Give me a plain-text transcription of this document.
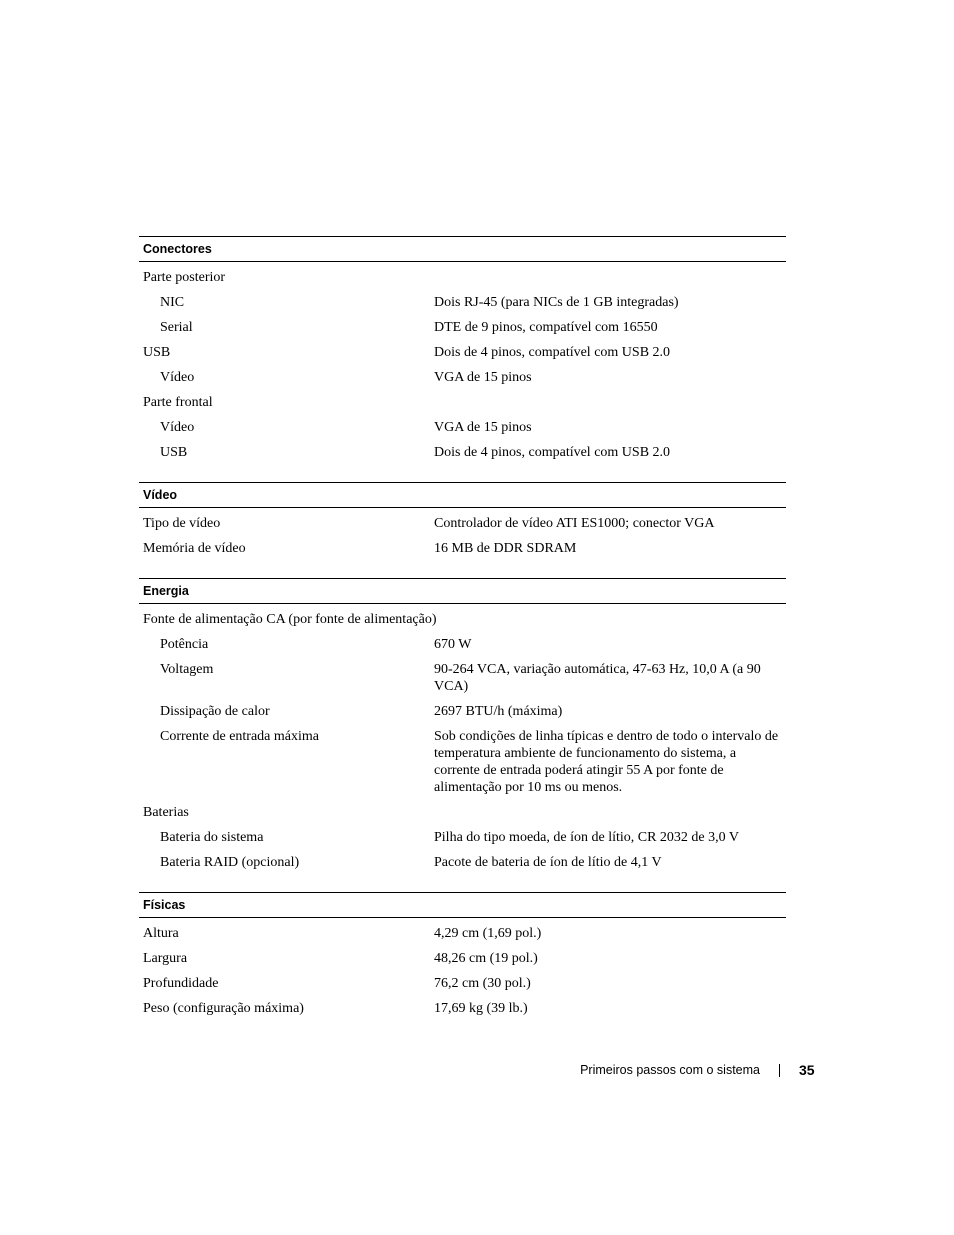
Conectores
Parte posterior
NIC	Dois RJ-45 (para NICs de 1 GB integradas)
Serial	DTE de 9 pinos, compatível com 16550
USB	Dois de 4 pinos, compatível com USB 2.0
Vídeo	VGA de 15 pinos
Parte frontal
Vídeo	VGA de 15 pinos
USB	Dois de 4 pinos, compatível com USB 2.0
Vídeo
Tipo de vídeo	Controlador de vídeo ATI ES1000; conector VGA
Memória de vídeo	16 MB de DDR SDRAM
Energia
Fonte de alimentação CA (por fonte de alimentação)
Potência	670 W
Voltagem	90-264 VCA, variação automática, 47-63 Hz, 10,0 A (a 90 VCA)
Dissipação de calor	2697 BTU/h (máxima)
Corrente de entrada máxima	Sob condições de linha típicas e dentro de todo o intervalo de temperatura ambiente de funcionamento do sistema, a corrente de entrada poderá atingir 55 A por fonte de alimentação por 10 ms ou menos.
Baterias
Bateria do sistema	Pilha do tipo moeda, de íon de lítio, CR 2032 de 3,0 V
Bateria RAID (opcional)	Pacote de bateria de íon de lítio de 4,1 V
Físicas
Altura	4,29 cm (1,69 pol.)
Largura	48,26 cm (19 pol.)
Profundidade	76,2 cm (30 pol.)
Peso (configuração máxima)	17,69 kg (39 lb.)
Primeiros passos com o sistema	35
